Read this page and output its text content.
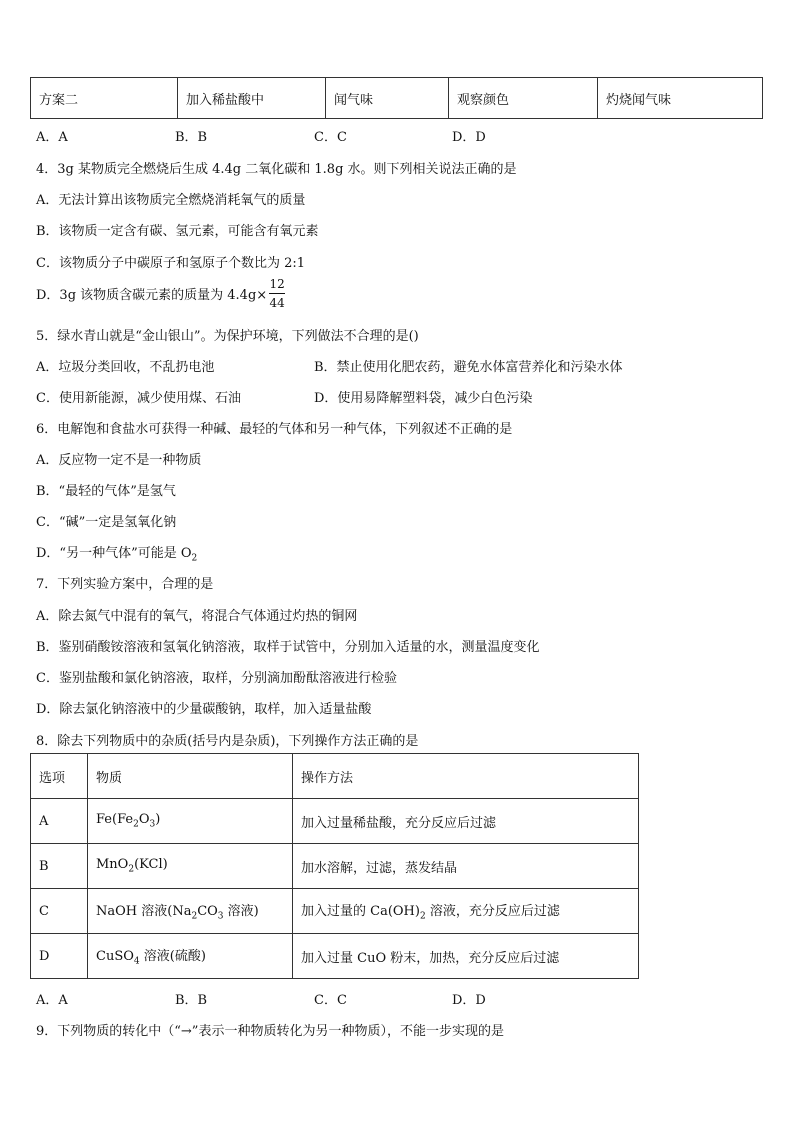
方案二	加入稀盐酸中	闻气味	观察颜色	灼烧闻气味
A．A	B．B	C．C	D．D
4．3g 某物质完全燃烧后生成 4.4g 二氧化碳和 1.8g 水。则下列相关说法正确的是
A．无法计算出该物质完全燃烧消耗氧气的质量
B．该物质一定含有碳、氢元素，可能含有氧元素
C．该物质分子中碳原子和氢原子个数比为 2:1
D．3g 该物质含碳元素的质量为 $4.4g\times \frac{12}{44}$
5．绿水青山就是“金山银山”。为保护环境，下列做法不合理的是()
A．垃圾分类回收，不乱扔电池	B．禁止使用化肥农药，避免水体富营养化和污染水体
C．使用新能源，减少使用煤、石油	D．使用易降解塑料袋，减少白色污染
6．电解饱和食盐水可获得一种碱、最轻的气体和另一种气体，下列叙述不正确的是
A．反应物一定不是一种物质
B．“最轻的气体”是氢气
C．“碱”一定是氢氧化钠
D．“另一种气体”可能是 $O_2$
7．下列实验方案中，合理的是
A．除去氮气中混有的氧气，将混合气体通过灼热的铜网
B．鉴别硝酸铵溶液和氢氧化钠溶液，取样于试管中，分别加入适量的水，测量温度变化
C．鉴别盐酸和氯化钠溶液，取样，分别滴加酚酞溶液进行检验
D．除去氯化钠溶液中的少量碳酸钠，取样，加入适量盐酸
8．除去下列物质中的杂质(括号内是杂质)，下列操作方法正确的是
选项	物质	操作方法
A	$Fe(Fe_2O_3)$	加入过量稀盐酸，充分反应后过滤
B	MnO$_2$(KCl)	加水溶解，过滤，蒸发结晶
C	NaOH 溶液($Na_2CO_3$ 溶液)	加入过量的 $Ca(OH)_2$ 溶液，充分反应后过滤
D	CuSO$_4$ 溶液(硫酸)	加入过量 CuO 粉末，加热，充分反应后过滤
A．A	B．B	C．C	D．D
9．下列物质的转化中（“→”表示一种物质转化为另一种物质），不能一步实现的是
